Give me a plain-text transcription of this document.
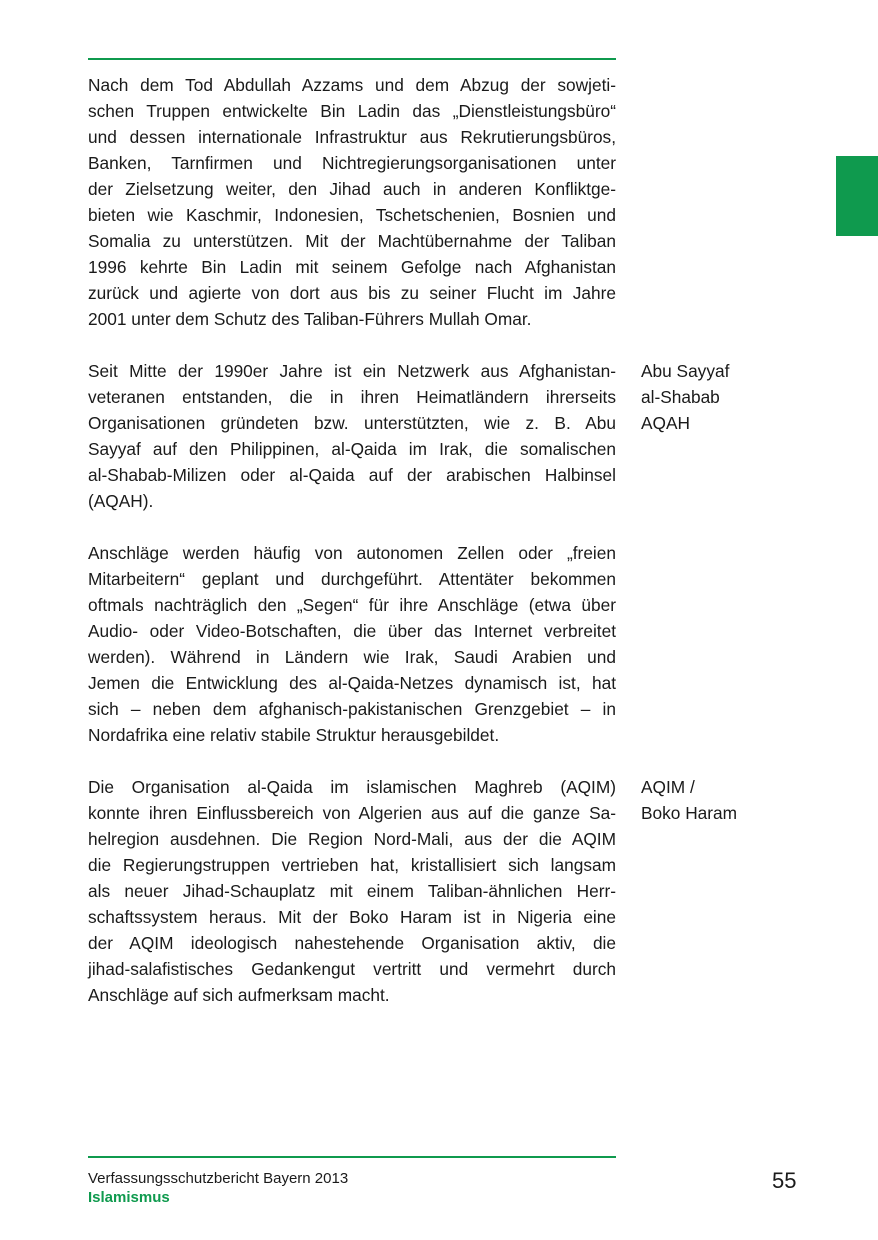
Nach dem Tod Abdullah Azzams und dem Abzug der sowjeti-
schen Truppen entwickelte Bin Ladin das „Dienstleistungsbüro“
und dessen internationale Infrastruktur aus Rekrutierungsbüros,
Banken, Tarnfirmen und Nichtregierungsorganisationen unter
der Zielsetzung weiter, den Jihad auch in anderen Konfliktge-
bieten wie Kaschmir, Indonesien, Tschetschenien, Bosnien und
Somalia zu unterstützen. Mit der Machtübernahme der Taliban
1996 kehrte Bin Ladin mit seinem Gefolge nach Afghanistan
zurück und agierte von dort aus bis zu seiner Flucht im Jahre
2001 unter dem Schutz des Taliban-Führers Mullah Omar.
Seit Mitte der 1990er Jahre ist ein Netzwerk aus Afghanistan-
veteranen entstanden, die in ihren Heimatländern ihrerseits
Organisationen gründeten bzw. unterstützten, wie z. B. Abu
Sayyaf auf den Philippinen, al-Qaida im Irak, die somalischen
al-Shabab-Milizen oder al-Qaida auf der arabischen Halbinsel
(AQAH).
Abu Sayyaf
al-Shabab
AQAH
Anschläge werden häufig von autonomen Zellen oder „freien
Mitarbeitern“ geplant und durchgeführt. Attentäter bekommen
oftmals nachträglich den „Segen“ für ihre Anschläge (etwa über
Audio- oder Video-Botschaften, die über das Internet verbreitet
werden). Während in Ländern wie Irak, Saudi Arabien und
Jemen die Entwicklung des al-Qaida-Netzes dynamisch ist, hat
sich – neben dem afghanisch-pakistanischen Grenzgebiet – in
Nordafrika eine relativ stabile Struktur herausgebildet.
Die Organisation al-Qaida im islamischen Maghreb (AQIM)
konnte ihren Einflussbereich von Algerien aus auf die ganze Sa-
helregion ausdehnen. Die Region Nord-Mali, aus der die AQIM
die Regierungstruppen vertrieben hat, kristallisiert sich langsam
als neuer Jihad-Schauplatz mit einem Taliban-ähnlichen Herr-
schaftssystem heraus. Mit der Boko Haram ist in Nigeria eine
der AQIM ideologisch nahestehende Organisation aktiv, die
jihad-salafistisches Gedankengut vertritt und vermehrt durch
Anschläge auf sich aufmerksam macht.
AQIM /
Boko Haram
Verfassungsschutzbericht Bayern 2013
Islamismus
55
